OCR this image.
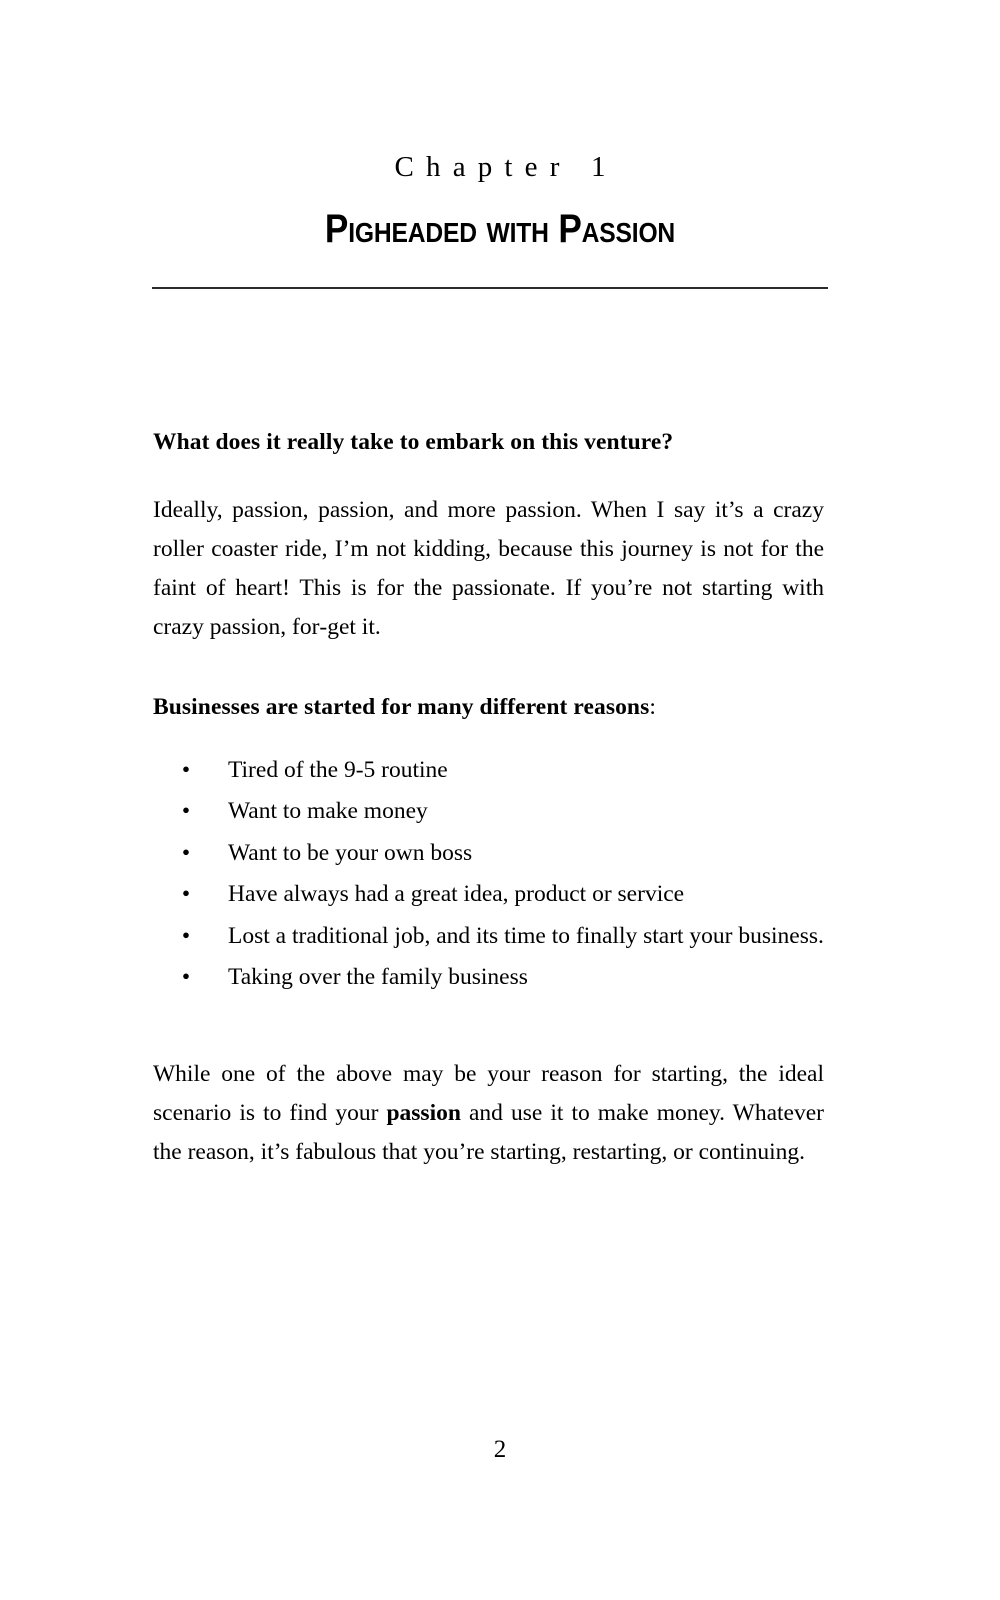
Chapter 1
Pigheaded with Passion

What does it really take to embark on this venture?

Ideally, passion, passion, and more passion. When I say it’s a crazy roller coaster ride, I’m not kidding, because this journey is not for the faint of heart! This is for the passionate. If you’re not starting with crazy passion, for‐get it.

Businesses are started for many different reasons:

• Tired of the 9‐5 routine
• Want to make money
• Want to be your own boss
• Have always had a great idea, product or service
• Lost a traditional job, and its time to finally start your business.
• Taking over the family business

While one of the above may be your reason for starting, the ideal scenario is to find your passion and use it to make money. Whatever the reason, it’s fabulous that you’re starting, restarting, or continuing.

2
